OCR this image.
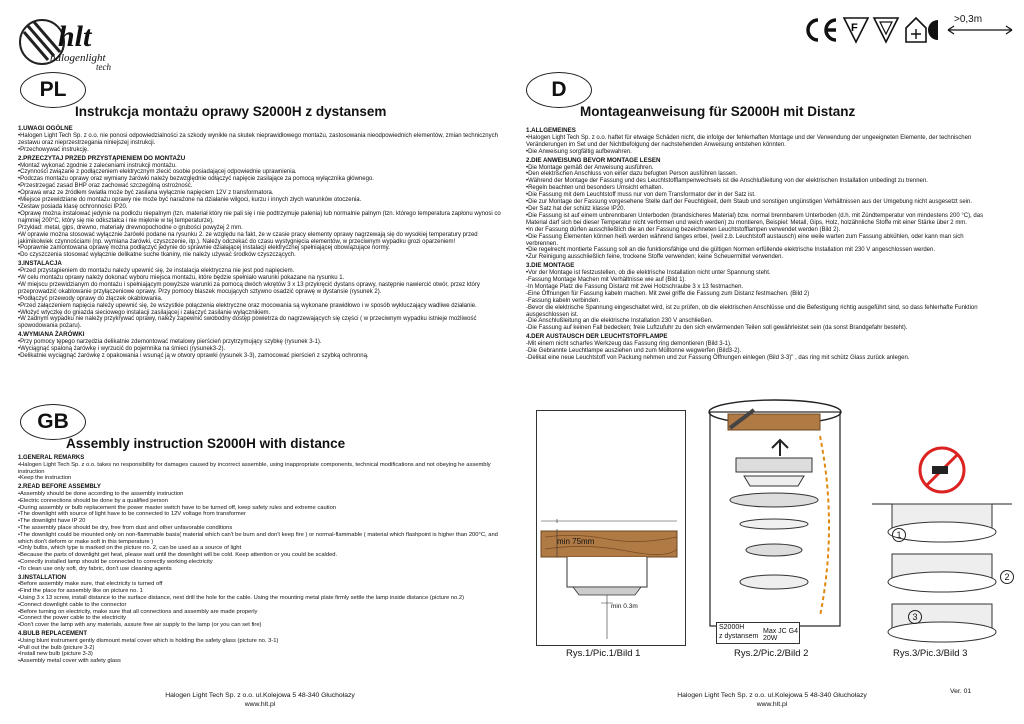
hlt
halogenlight
tech
F
>0,3m
PL
Instrukcja montażu oprawy S2000H z dystansem
1.UWAGI OGÓLNE

•Halogen Light Tech Sp. z o.o. nie ponosi odpowiedzialności za szkody wynikłe na skutek nieprawidłowego montażu, zastosowania nieodpowiednich elementów, zmian technicznych zestawu oraz nieprzestrzegania niniejszej instrukcji.

•Przechowywać instrukcję.

2.PRZECZYTAJ PRZED PRZYSTĄPIENIEM DO MONTAŻU

•Montaż wykonać zgodnie z zaleceniami instrukcji montażu.

•Czynności związane z podłączeniem elektrycznym zlecić osobie posiadającej odpowiednie uprawnienia.

•Podczas montażu oprawy oraz wymiany żarówki należy bezwzględnie odłączyć napięcie zasilające za pomocą wyłącznika głównego.

•Przestrzegać zasad BHP oraz zachować szczególną ostrożność.

•Oprawa wraz ze źródłem światła może być zasilana wyłącznie napięciem 12V z transformatora.

•Miejsce przewidziane do montażu oprawy nie może być narażone na działanie wilgoci, kurzu i innych złych warunków otoczenia.

•Zestaw posiada klasę ochronności IP20.

•Oprawę można instalować jedynie na podłożu niepalnym (tzn. materiał który nie pali się i nie podtrzymuje palenia) lub normalnie palnym (tzn. którego temperatura zapłonu wynosi co najmniej 200°C, który się nie odkształca i nie mięknie w tej temperaturze).

Przykład: metal, gips, drewno, materiały drewnopochodne o grubości powyżej 2 mm.

•W oprawie można stosować wyłącznie żarówki podane na rysunku 2. ze względu na fakt, że w czasie pracy elementy oprawy nagrzewają się do wysokiej temperatury przed jakimikolwiek czynnościami (np. wymiana żarówki, czyszczenie, itp.). Należy odczekać do czasu wystygnięcia elementów, w przeciwnym wypadku grozi oparzeniem!

•Poprawnie zamontowana oprawę można podłączyć jedynie do sprawnie działającej instalacji elektrycznej spełniającej obowiązujące normy.

•Do czyszczenia stosować wyłącznie delikatne suche tkaniny, nie należy używać środków czyszczących.

3.INSTALACJA

•Przed przystąpieniem do montażu należy upewnić się, że instalacja elektryczna nie jest pod napięciem.

•W celu montażu oprawy należy dokonać wyboru miejsca montażu, które będzie spełniało warunki pokazane na rysunku 1.

•W miejscu przewidzianym do montażu i spełniającym powyższe warunki za pomocą dwóch wkrętów 3 x 13 przykręcić dystans oprawy, następnie nawiercić otwór, przez który przeprowadzić okablowanie przyłączeniowe oprawy. Przy pomocy blaszek mocujących sztywno osadzić oprawę w dystansie (rysunek 2).

•Podłączyć przewody oprawy do złączek okablowania.

•Przed załączeniem napięcia należy upewnić się, że wszystkie połączenia elektryczne oraz mocowania są wykonane prawidłowo i w sposób wykluczający wadliwe działanie.

•Włożyć wtyczkę do gniazda sieciowego instalacji zasilającej i załączyć zasilanie wyłącznikiem.

•W żadnym wypadku nie należy przykrywać oprawy, należy zapewnić swobodny dostęp powietrza do nagrzewających się części ( w przeciwnym wypadku istnieje możliwość spowodowania pożaru).

4.WYMIANA ŻARÓWKI

•Przy pomocy tępego narzędzia delikatnie zdemontować metalowy pierścień przytrzymujący szybkę (rysunek 3-1).

•Wyciągnąć spaloną żarówkę i wyrzucić do pojemnika na śmieci (rysunek3-2).

•Delikatnie wyciągnąć żarówkę z opakowania i wsunąć ją w otwory oprawki (rysunek 3-3), zamocować pierścień z szybką ochronną.

D
Montageanweisung für S2000H mit Distanz
1.ALLGEMEINES

•Halogen Light Tech Sp. z o.o. haftet für etwaige Schäden nicht, die infolge der fehlerhaften Montage und der Verwendung der ungeeigneten Elemente, der technischen Veränderungen im Set und der Nichtbefolgung der nachstehenden Anweisung entstehen könnten.

•Die Anweisung sorgfältig aufbewahren.

2.DIE ANWEISUNG BEVOR MONTAGE LESEN

•Die Montage gemäß der Anweisung ausführen.

•Den elektrischen Anschluss von einer dazu befugten Person ausführen lassen.

•Während der Montage der Fassung und des Leuchtstofflampenwechsels ist die Anschlußleitung von der elektrischen Installation unbedingt zu trennen.

•Regeln beachten und besonders Umsicht erhalten.

•Die Fassung mit dem Leuchtstoff muss nur von dem Transformator der in der Satz ist.

•Die zur Montage der Fassung vorgesehene Stelle darf der Feuchtigkeit, dem Staub und sonstigen ungünstigen Verhältnissen aus der Umgebung nicht ausgesetzt sein.

•Der Satz hat der schütz klasse IP20.

•Die Fassung ist auf einem unbrennbaren Unterboden (brandsicheres Material) bzw. normal brennbarem Unterboden (d.h. mit Zündtemperatur von mindestens 200 °C), das Material darf sich bei dieser Temperatur nicht verformen und weich werden) zu montieren, Beispiel: Metall, Gips, Holz, holzähnliche Stoffe mit einer Stärke über 2 mm.

•In der Fassung dürfen ausschließlich die an der Fassung bezeichneten Leuchtstofflampen verwendet werden (Bild 2).

•Die Fassung Elementen können heiß werden während langes erbei, (weil z.b. Leuchtstoff austausch) eine weile warten zum Fassung abkühlen, oder kann man sich verbrennen.

•Die regelrecht montierte Fassung soll an die funktionsfähige und die gültigen Normen erfüllende elektrische Installation mit 230 V angeschlossen werden.

•Zur Reinigung ausschließlich feine, trockene Stoffe verwenden; keine Scheuermittel verwenden.

3.DIE MONTAGE

•Vor der Montage ist festzustellen, ob die elektrische Installation nicht unter Spannung steht.

-Fassung Montage Machen mit Verhältnisse wie auf (Bild 1).

-In Montage Platz die Fassung Distanz mit zwei Holzschraube 3 x 13 festmachen.

-Eine Öffnungen für Fassung kabeln machen. Mit zwei griffe die Fassung zum Distanz festmachen. (Bild 2)

-Fassung kabeln verbinden.

-Bevor die elektrische Spannung eingeschaltet wird, ist zu prüfen, ob die elektrischen Anschlüsse und die Befestigung richtig ausgeführt sind, so dass fehlerhafte Funktion ausgeschlossen ist.

-Die Anschlußleitung an die elektrische Installation 230 V anschließen.

-Die Fassung auf keinen Fall bedecken; freie Luftzufuhr zu den sich erwärmenden Teilen soll gewährleistet sein (da sonst Brandgefahr besteht).

4.DER AUSTAUSCH DER LEUCHTSTOFFLAMPE

-Mit einem nicht scharfes Werkzeug das Fassung ring demontieren (Bild 3-1).

-Die Gebrannte Leuchtlampe ausziehen und zum Mülltonne wegwerfen (Bild3-2).

-Delikat eine neue Leuchtstoff von Packung nehmen und zur Fassung Öffnungen einlegen (Bild 3-3)" , das ring mit schütz Glass zurück anlegen.

GB
Assembly instruction S2000H with distance
1.GENERAL REMARKS

•Halogen Light Tech Sp. z o.o. takes no responsibility for damages caused by incorrect assemble, using inappropriate components, technical modifications and not obeying he assembly instruction

•Keep the instruction

2.READ BEFORE ASSEMBLY

•Assembly should be done according to the assembly instruction

•Electric connections should be done by a qualified person

•During assembly or bulb replacement the power master switch have to be turned off, keep safety rules and extreme caution

•The downlight with source of light have to be connected to 12V voltage from transformer

•The downlight have IP 20

•The assembly place should be dry, free from dust and other unfavorable conditions

•The downlight could be mounted only on non-flammable basis( material which can't be burn and don't keep fire ) or normal-flammable ( material which flashpoint is higher than 200°C, and which don't deform or make soft in this temperature )

•Only bulbs, which type is marked on the picture no. 2, can be used as a source of light

•Because the parts of downlight get heat, please wait until the downlight will be cold. Keep attention or you could be scalded.

•Correctly installed lamp should be connected to correctly working electricity

•To clean use only soft, dry fabric, don't use cleaning agents

3.INSTALLATION

•Before assembly make sure, that electricity is turned off

•Find the place for assembly like on picture no. 1

•Using 3 x 13 screw, install distance to the surface distance, next drill the hole for the cable. Using the mounting metal plate firmly settle the lamp inside distance (picture no.2)

•Connect downlight cable to the connector

•Before turning on electricity, make sure that all connections and assembly are made properly

•Connect the power cable to the electricity

•Don't cover the lamp with any materials, assure free air supply to the lamp (or you can set fire)

4.BULB REPLACEMENT

•Using blunt instrument gently dismount metal cover which is holding the safety glass (picture no. 3-1)

•Pull out the bulb (picture 3-2)

•Install new bulb (picture 3-3)

•Assembly metal cover with safety glass

min 75mm
min 0.3m
Rys.1/Pic.1/Bild 1
S2000H
z dystansem
Max JC G4 20W
Rys.2/Pic.2/Bild 2
1
2
3
Rys.3/Pic.3/Bild 3
Halogen Light Tech Sp. z o.o. ul.Kolejowa 5 48-340 Głuchołazy
www.hlt.pl
Halogen Light Tech Sp. z o.o. ul.Kolejowa 5 48-340 Głuchołazy
www.hlt.pl
Ver. 01
